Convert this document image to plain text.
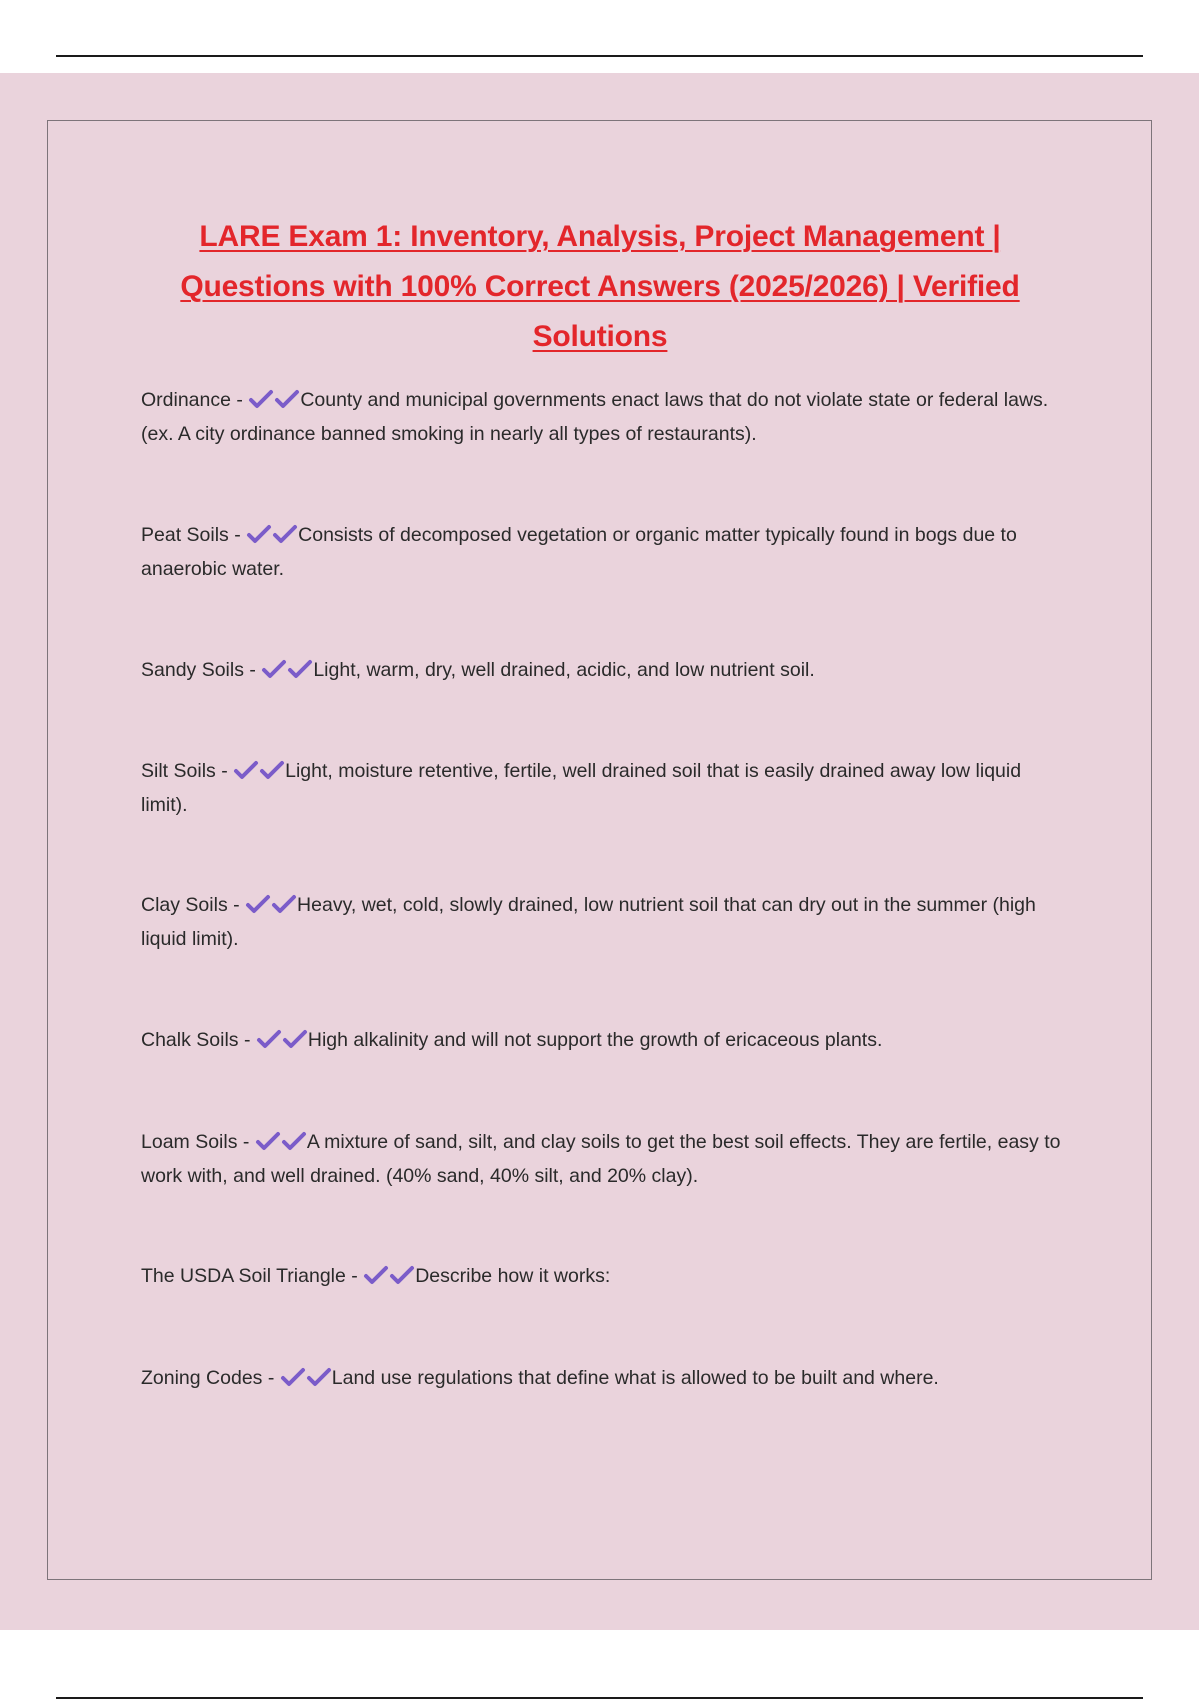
LARE Exam 1: Inventory, Analysis, Project Management | Questions with 100% Correct Answers (2025/2026) | Verified Solutions
Ordinance -	County and municipal governments enact laws that do not violate state or federal laws. (ex. A city ordinance banned smoking in nearly all types of restaurants).
Peat Soils -	Consists of decomposed vegetation or organic matter typically found in bogs due to anaerobic water.
Sandy Soils -	Light, warm, dry, well drained, acidic, and low nutrient soil.
Silt Soils -	Light, moisture retentive, fertile, well drained soil that is easily drained away low liquid limit).
Clay Soils -	Heavy, wet, cold, slowly drained, low nutrient soil that can dry out in the summer (high liquid limit).
Chalk Soils -	High alkalinity and will not support the growth of ericaceous plants.
Loam Soils -	A mixture of sand, silt, and clay soils to get the best soil effects. They are fertile, easy to work with, and well drained. (40% sand, 40% silt, and 20% clay).
The USDA Soil Triangle -	Describe how it works:
Zoning Codes -	Land use regulations that define what is allowed to be built and where.
